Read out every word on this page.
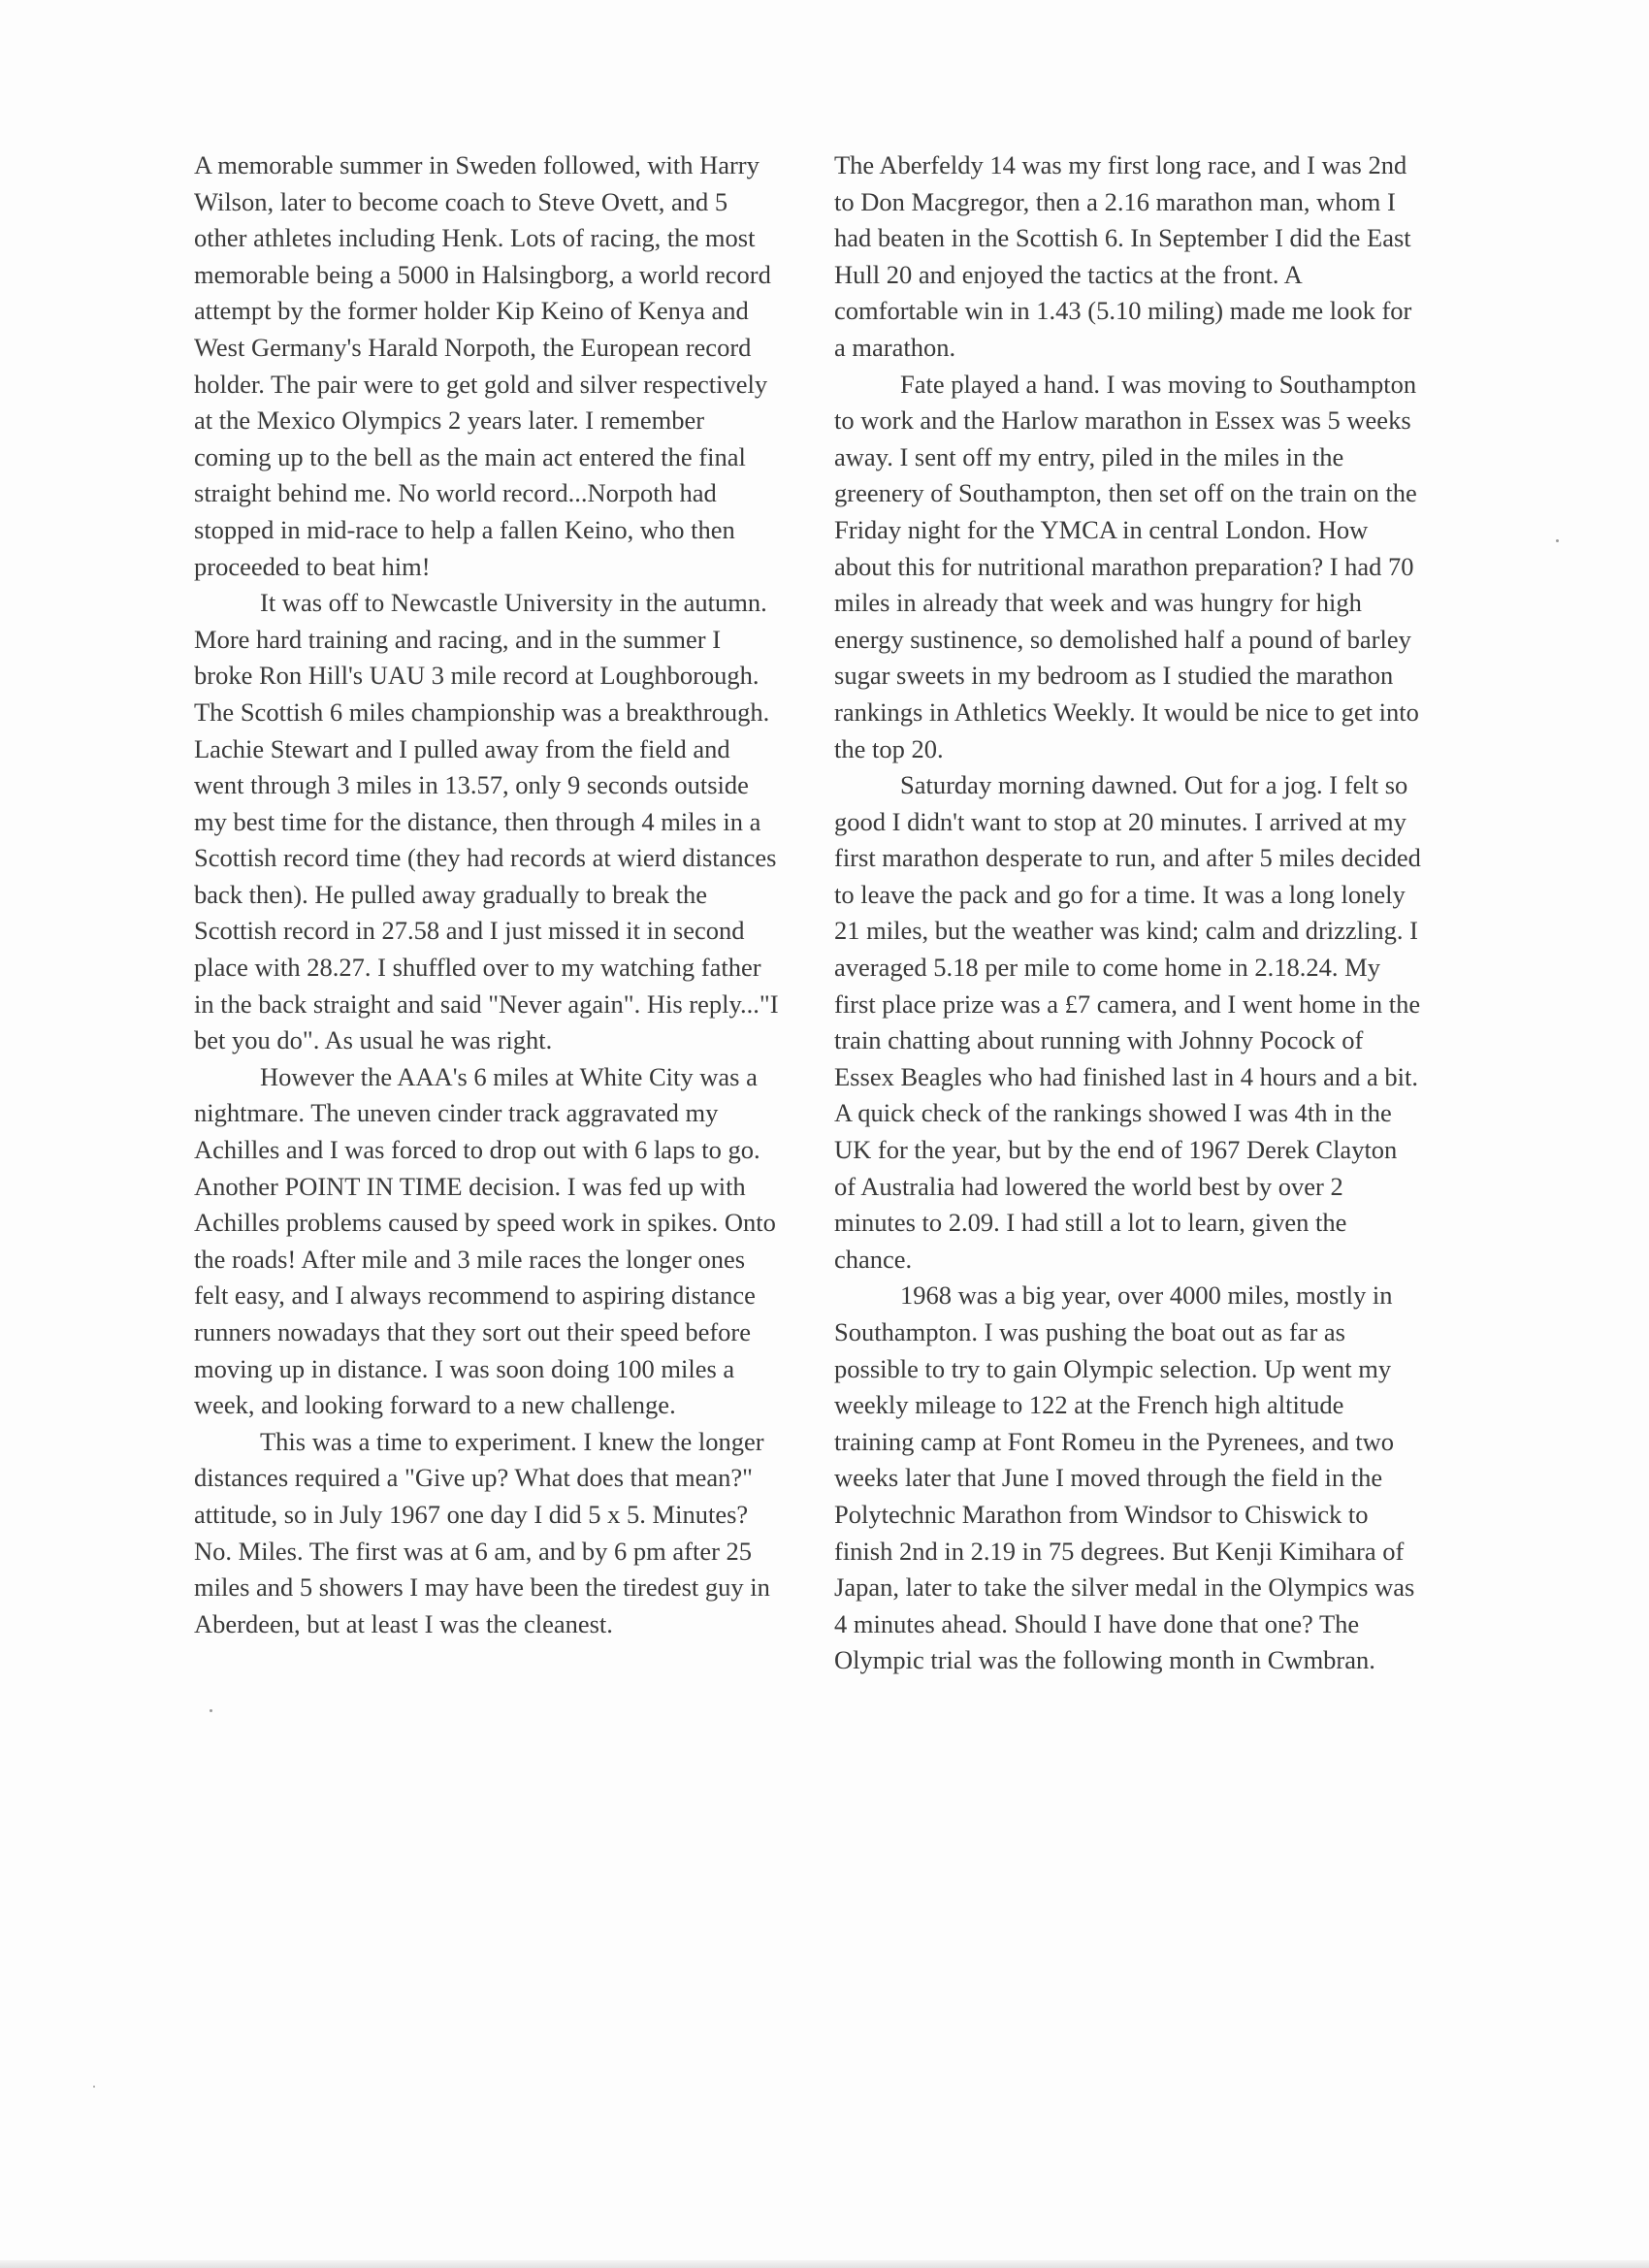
A memorable summer in Sweden followed, with Harry Wilson, later to become coach to Steve Ovett, and 5 other athletes including Henk. Lots of racing, the most memorable being a 5000 in Halsingborg, a world record attempt by the former holder Kip Keino of Kenya and West Germany's Harald Norpoth, the European record holder. The pair were to get gold and silver respectively at the Mexico Olympics 2 years later. I remember coming up to the bell as the main act entered the final straight behind me. No world record...Norpoth had stopped in mid-race to help a fallen Keino, who then proceeded to beat him!

It was off to Newcastle University in the autumn. More hard training and racing, and in the summer I broke Ron Hill's UAU 3 mile record at Loughborough. The Scottish 6 miles championship was a breakthrough. Lachie Stewart and I pulled away from the field and went through 3 miles in 13.57, only 9 seconds outside my best time for the distance, then through 4 miles in a Scottish record time (they had records at wierd distances back then). He pulled away gradually to break the Scottish record in 27.58 and I just missed it in second place with 28.27. I shuffled over to my watching father in the back straight and said "Never again". His reply..."I bet you do". As usual he was right.

However the AAA's 6 miles at White City was a nightmare. The uneven cinder track aggravated my Achilles and I was forced to drop out with 6 laps to go. Another POINT IN TIME decision. I was fed up with Achilles problems caused by speed work in spikes. Onto the roads! After mile and 3 mile races the longer ones felt easy, and I always recommend to aspiring distance runners nowadays that they sort out their speed before moving up in distance. I was soon doing 100 miles a week, and looking forward to a new challenge.

This was a time to experiment. I knew the longer distances required a "Give up? What does that mean?" attitude, so in July 1967 one day I did 5 x 5. Minutes? No. Miles. The first was at 6 am, and by 6 pm after 25 miles and 5 showers I may have been the tiredest guy in Aberdeen, but at least I was the cleanest.

The Aberfeldy 14 was my first long race, and I was 2nd to Don Macgregor, then a 2.16 marathon man, whom I had beaten in the Scottish 6. In September I did the East Hull 20 and enjoyed the tactics at the front. A comfortable win in 1.43 (5.10 miling) made me look for a marathon.

Fate played a hand. I was moving to Southampton to work and the Harlow marathon in Essex was 5 weeks away. I sent off my entry, piled in the miles in the greenery of Southampton, then set off on the train on the Friday night for the YMCA in central London. How about this for nutritional marathon preparation? I had 70 miles in already that week and was hungry for high energy sustinence, so demolished half a pound of barley sugar sweets in my bedroom as I studied the marathon rankings in Athletics Weekly. It would be nice to get into the top 20.

Saturday morning dawned. Out for a jog. I felt so good I didn't want to stop at 20 minutes. I arrived at my first marathon desperate to run, and after 5 miles decided to leave the pack and go for a time. It was a long lonely 21 miles, but the weather was kind; calm and drizzling. I averaged 5.18 per mile to come home in 2.18.24. My first place prize was a £7 camera, and I went home in the train chatting about running with Johnny Pocock of Essex Beagles who had finished last in 4 hours and a bit. A quick check of the rankings showed I was 4th in the UK for the year, but by the end of 1967 Derek Clayton of Australia had lowered the world best by over 2 minutes to 2.09. I had still a lot to learn, given the chance.

1968 was a big year, over 4000 miles, mostly in Southampton. I was pushing the boat out as far as possible to try to gain Olympic selection. Up went my weekly mileage to 122 at the French high altitude training camp at Font Romeu in the Pyrenees, and two weeks later that June I moved through the field in the Polytechnic Marathon from Windsor to Chiswick to finish 2nd in 2.19 in 75 degrees. But Kenji Kimihara of Japan, later to take the silver medal in the Olympics was 4 minutes ahead. Should I have done that one? The Olympic trial was the following month in Cwmbran.
